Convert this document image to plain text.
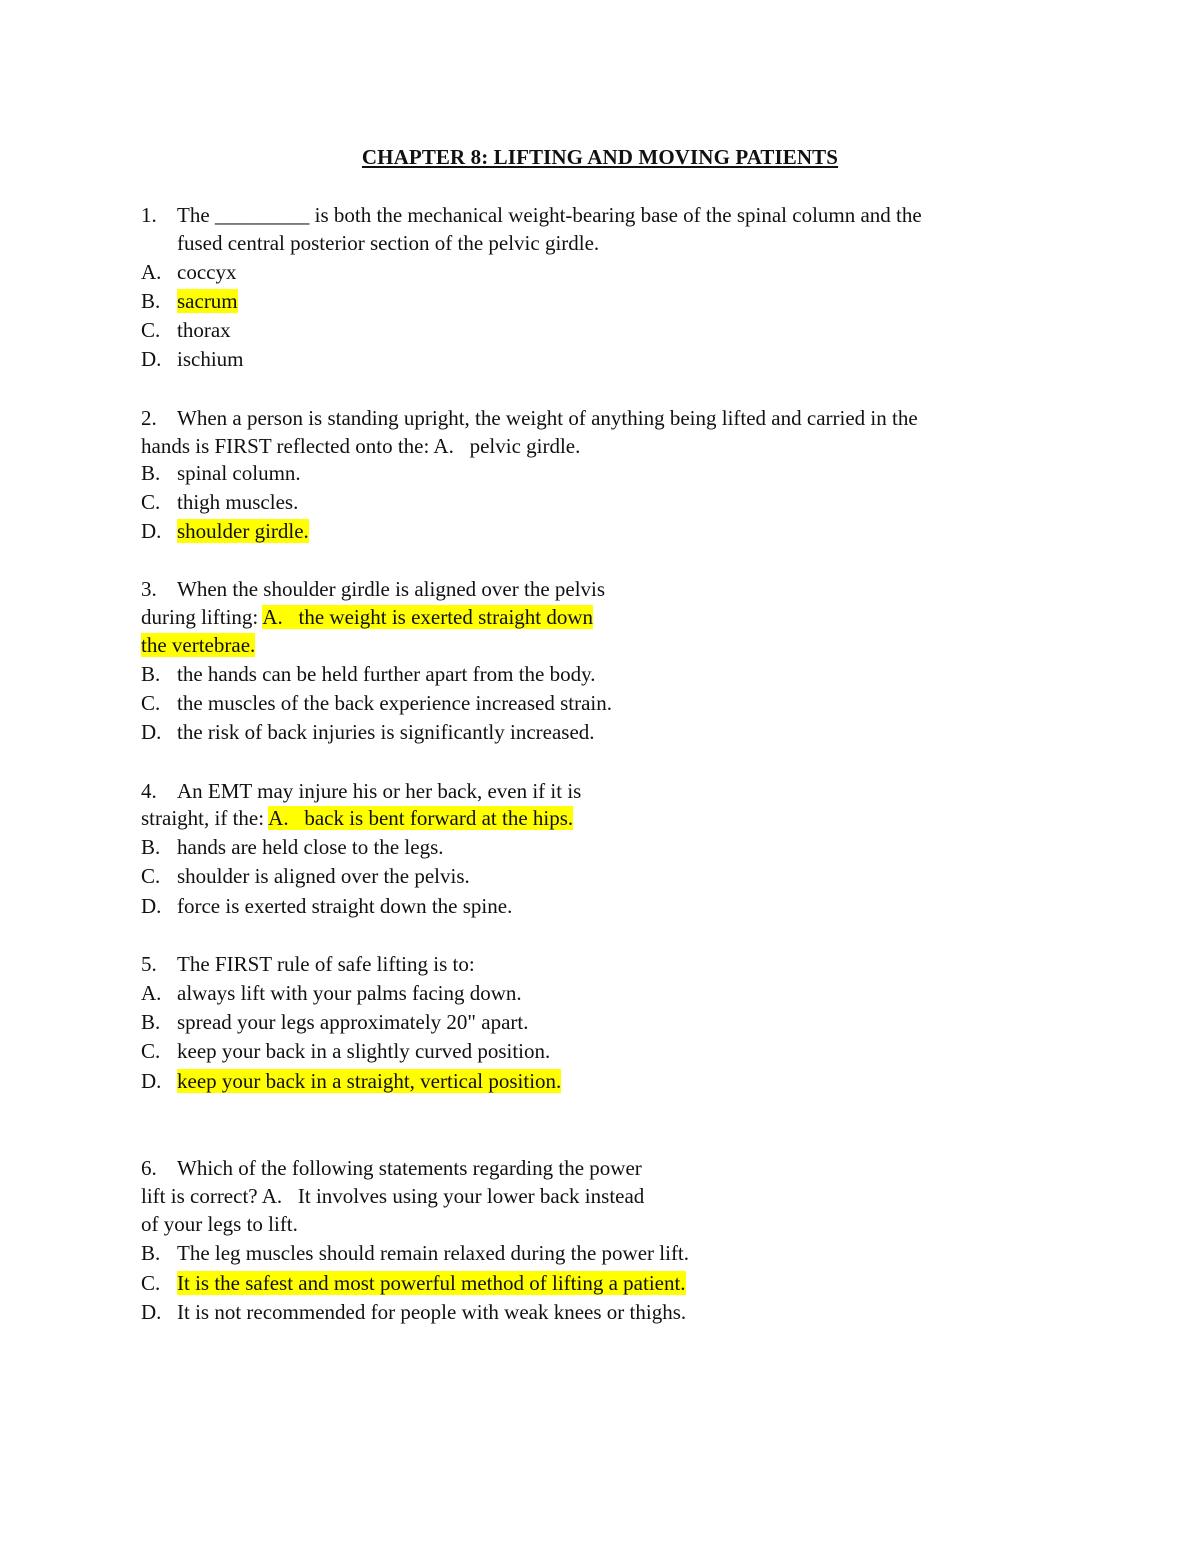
CHAPTER 8: LIFTING AND MOVING PATIENTS
1. The _________ is both the mechanical weight-bearing base of the spinal column and the
fused central posterior section of the pelvic girdle.
A. coccyx
B. sacrum
C. thorax
D. ischium
2. When a person is standing upright, the weight of anything being lifted and carried in the
hands is FIRST reflected onto the: A.   pelvic girdle.
B. spinal column.
C. thigh muscles.
D. shoulder girdle.
3. When the shoulder girdle is aligned over the pelvis
during lifting: A.   the weight is exerted straight down
the vertebrae.
B. the hands can be held further apart from the body.
C. the muscles of the back experience increased strain.
D. the risk of back injuries is significantly increased.
4. An EMT may injure his or her back, even if it is
straight, if the: A.   back is bent forward at the hips.
B. hands are held close to the legs.
C. shoulder is aligned over the pelvis.
D. force is exerted straight down the spine.
5. The FIRST rule of safe lifting is to:
A. always lift with your palms facing down.
B. spread your legs approximately 20" apart.
C. keep your back in a slightly curved position.
D. keep your back in a straight, vertical position.
6. Which of the following statements regarding the power
lift is correct? A.   It involves using your lower back instead
of your legs to lift.
B. The leg muscles should remain relaxed during the power lift.
C. It is the safest and most powerful method of lifting a patient.
D. It is not recommended for people with weak knees or thighs.
